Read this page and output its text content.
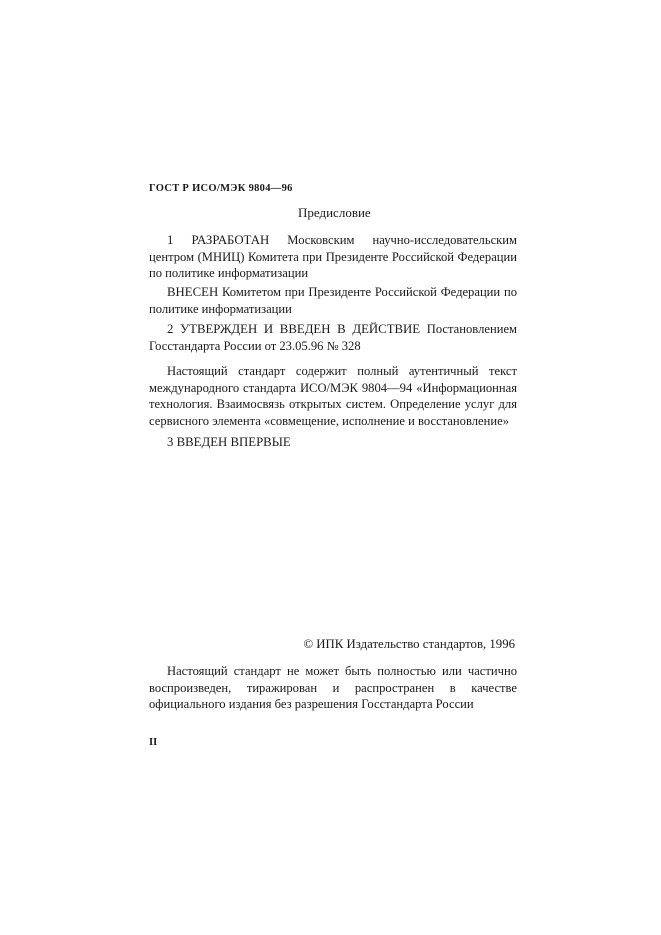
ГОСТ Р ИСО/МЭК 9804—96
Предисловие

1 РАЗРАБОТАН Московским научно-исследовательским центром (МНИЦ) Комитета при Президенте Российской Федерации по политике информатизации

ВНЕСЕН Комитетом при Президенте Российской Федерации по политике информатизации

2 УТВЕРЖДЕН И ВВЕДЕН В ДЕЙСТВИЕ Постановлением Госстандарта России от 23.05.96 № 328

Настоящий стандарт содержит полный аутентичный текст международного стандарта ИСО/МЭК 9804—94 «Информационная технология. Взаимосвязь открытых систем. Определение услуг для сервисного элемента «совмещение, исполнение и восстановление»

3 ВВЕДЕН ВПЕРВЫЕ

© ИПК Издательство стандартов, 1996

Настоящий стандарт не может быть полностью или частично воспроизведен, тиражирован и распространен в качестве официального издания без разрешения Госстандарта России

II
